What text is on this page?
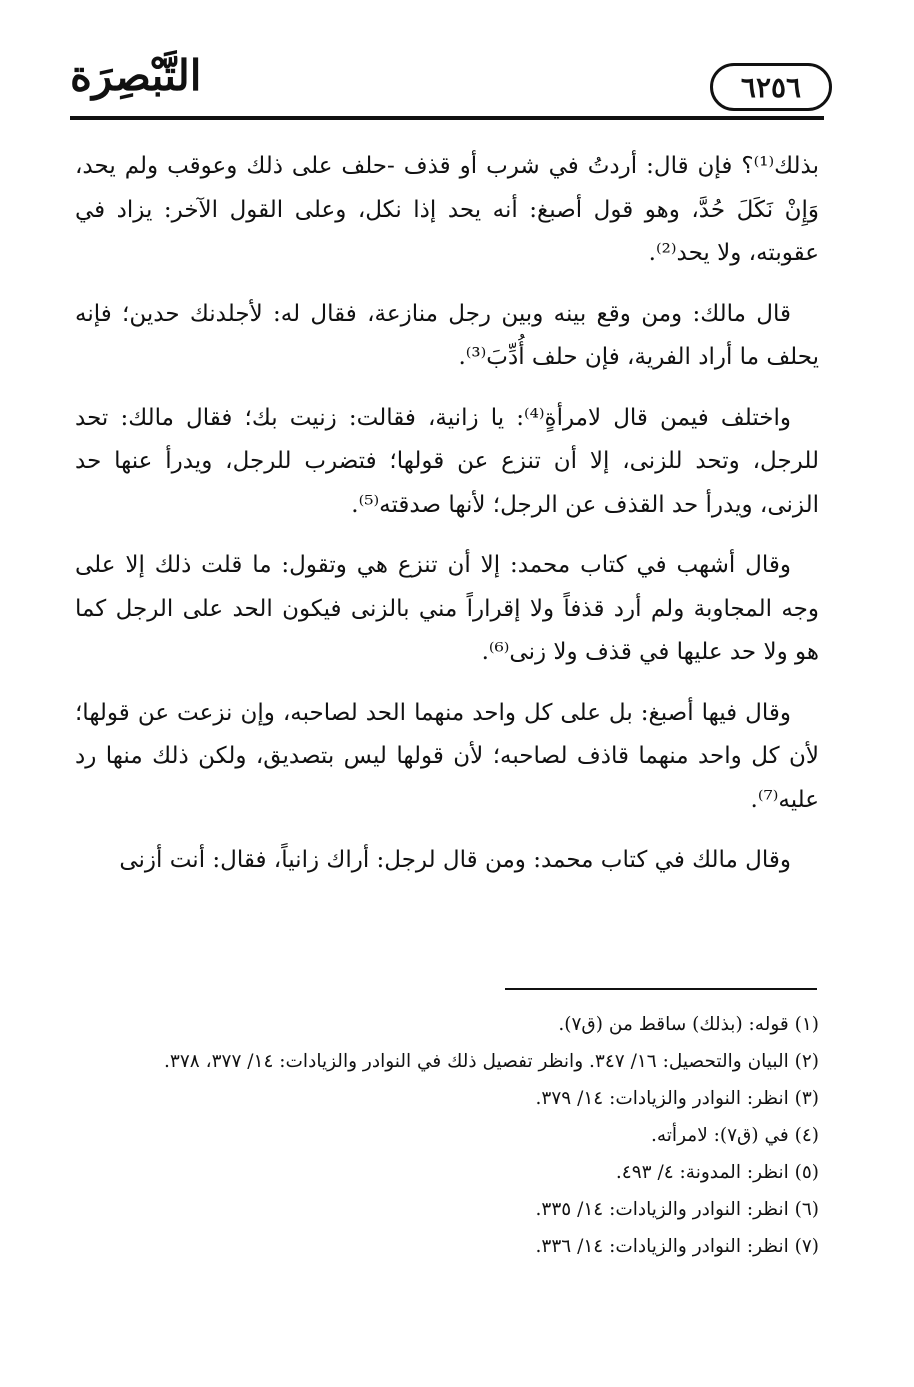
التَّبْصِرَة	٦٢٥٦

بذلك⁽¹⁾؟ فإن قال: أردتُ في شرب أو قذف -حلف على ذلك وعوقب ولم يحد، وَإِنْ نَكَلَ حُدَّ، وهو قول أصبغ: أنه يحد إذا نكل، وعلى القول الآخر: يزاد في عقوبته، ولا يحد⁽²⁾.

قال مالك: ومن وقع بينه وبين رجل منازعة، فقال له: لأجلدنك حدين؛ فإنه يحلف ما أراد الفرية، فإن حلف أُدِّبَ⁽³⁾.

واختلف فيمن قال لامرأةٍ⁽⁴⁾: يا زانية، فقالت: زنيت بك؛ فقال مالك: تحد للرجل، وتحد للزنى، إلا أن تنزع عن قولها؛ فتضرب للرجل، ويدرأ عنها حد الزنى، ويدرأ حد القذف عن الرجل؛ لأنها صدقته⁽⁵⁾.

وقال أشهب في كتاب محمد: إلا أن تنزع هي وتقول: ما قلت ذلك إلا على وجه المجاوبة ولم أرد قذفاً ولا إقراراً مني بالزنى فيكون الحد على الرجل كما هو ولا حد عليها في قذف ولا زنى⁽⁶⁾.

وقال فيها أصبغ: بل على كل واحد منهما الحد لصاحبه، وإن نزعت عن قولها؛ لأن كل واحد منهما قاذف لصاحبه؛ لأن قولها ليس بتصديق، ولكن ذلك منها رد عليه⁽⁷⁾.

وقال مالك في كتاب محمد: ومن قال لرجل: أراك زانياً، فقال: أنت أزنى

(١) قوله: (بذلك) ساقط من (ق٧).

(٢) البيان والتحصيل: ١٦/ ٣٤٧. وانظر تفصيل ذلك في النوادر والزيادات: ١٤/ ٣٧٧، ٣٧٨.

(٣) انظر: النوادر والزيادات: ١٤/ ٣٧٩.

(٤) في (ق٧): لامرأته.

(٥) انظر: المدونة: ٤/ ٤٩٣.

(٦) انظر: النوادر والزيادات: ١٤/ ٣٣٥.

(٧) انظر: النوادر والزيادات: ١٤/ ٣٣٦.
